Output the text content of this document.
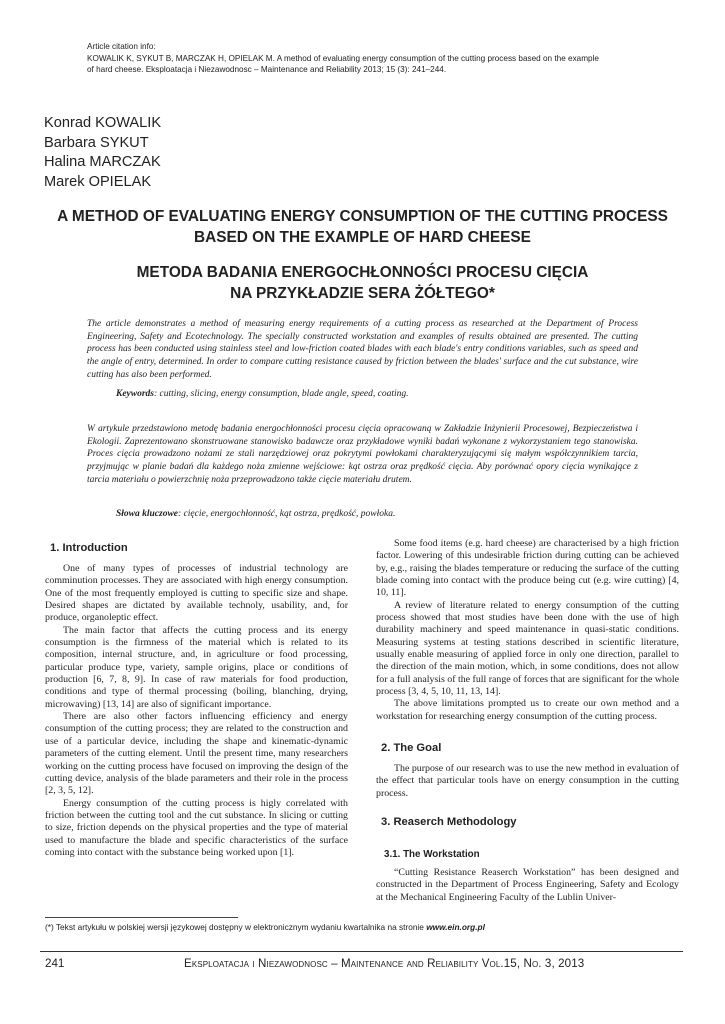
Article citation info:
KOWALIK K, SYKUT B, MARCZAK H, OPIELAK M. A method of evaluating energy consumption of the cutting process based on the example
of hard cheese. Eksploatacja i Niezawodnosc – Maintenance and Reliability 2013; 15 (3): 241–244.
Konrad KOWALIK
Barbara SYKUT
Halina MARCZAK
Marek OPIELAK
A METHOD OF EVALUATING ENERGY CONSUMPTION OF THE CUTTING PROCESS
BASED ON THE EXAMPLE OF HARD CHEESE
METODA BADANIA ENERGOCHŁONNOŚCI PROCESU CIĘCIA
NA PRZYKŁADZIE SERA ŻÓŁTEGO*
The article demonstrates a method of measuring energy requirements of a cutting process as researched at the Department of Process Engineering, Safety and Ecotechnology. The specially constructed workstation and examples of results obtained are presented. The cutting process has been conducted using stainless steel and low-friction coated blades with each blade's entry conditions variables, such as speed and the angle of entry, determined. In order to compare cutting resistance caused by friction between the blades' surface and the cut substance, wire cutting has also been performed.
Keywords: cutting, slicing, energy consumption, blade angle, speed, coating.
W artykule przedstawiono metodę badania energochłonności procesu cięcia opracowaną w Zakładzie Inżynierii Procesowej, Bezpieczeństwa i Ekologii. Zaprezentowano skonstruowane stanowisko badawcze oraz przykładowe wyniki badań wykonane z wykorzystaniem tego stanowiska. Proces cięcia prowadzono nożami ze stali narzędziowej oraz pokrytymi powłokami charakteryzującymi się małym współczynnikiem tarcia, przyjmując w planie badań dla każdego noża zmienne wejściowe: kąt ostrza oraz prędkość cięcia. Aby porównać opory cięcia wynikające z tarcia materiału o powierzchnię noża przeprowadzono także cięcie materiału drutem.
Słowa kluczowe: cięcie, energochłonność, kąt ostrza, prędkość, powłoka.
1. Introduction

One of many types of processes of industrial technology are comminution processes. They are associated with high energy consumption. One of the most frequently employed is cutting to specific size and shape. Desired shapes are dictated by available technoly, usability, and, for produce, organoleptic effect.

The main factor that affects the cutting process and its energy consumption is the firmness of the material which is related to its composition, internal structure, and, in agriculture or food processing, particular produce type, variety, sample origins, place or conditions of production [6, 7, 8, 9]. In case of raw materials for food production, conditions and type of thermal processing (boiling, blanching, drying, microwaving) [13, 14] are also of significant importance.

There are also other factors influencing efficiency and energy consumption of the cutting process; they are related to the construction and use of a particular device, including the shape and kinematic-dynamic parameters of the cutting element. Until the present time, many researchers working on the cutting process have focused on improving the design of the cutting device, analysis of the blade parameters and their role in the process [2, 3, 5, 12].

Energy consumption of the cutting process is higly correlated with friction between the cutting tool and the cut substance. In slicing or cutting to size, friction depends on the physical properties and the type of material used to manufacture the blade and specific characteristics of the surface coming into contact with the substance being worked upon [1].

Some food items (e.g. hard cheese) are characterised by a high friction factor. Lowering of this undesirable friction during cutting can be achieved by, e.g., raising the blades temperature or reducing the surface of the cutting blade coming into contact with the produce being cut (e.g. wire cutting) [4, 10, 11].

A review of literature related to energy consumption of the cutting process showed that most studies have been done with the use of high durability machinery and speed maintenance in quasi-static conditions. Measuring systems at testing stations described in scientific literature, usually enable measuring of applied force in only one direction, parallel to the direction of the main motion, which, in some conditions, does not allow for a full analysis of the full range of forces that are significant for the whole process [3, 4, 5, 10, 11, 13, 14].

The above limitations prompted us to create our own method and a workstation for researching energy consumption of the cutting process.

2. The Goal

The purpose of our research was to use the new method in evaluation of the effect that particular tools have on energy consumption in the cutting process.

3. Reaserch Methodology
3.1. The Workstation

“Cutting Resistance Reaserch Workstation” has been designed and constructed in the Department of Process Engineering, Safety and Ecology at the Mechanical Engineering Faculty of the Lublin Univer-

(*) Tekst artykułu w polskiej wersji językowej dostępny w elektronicznym wydaniu kwartalnika na stronie www.ein.org.pl
241	Eksploatacja i Niezawodnosc – Maintenance and Reliability Vol.15, No. 3, 2013
